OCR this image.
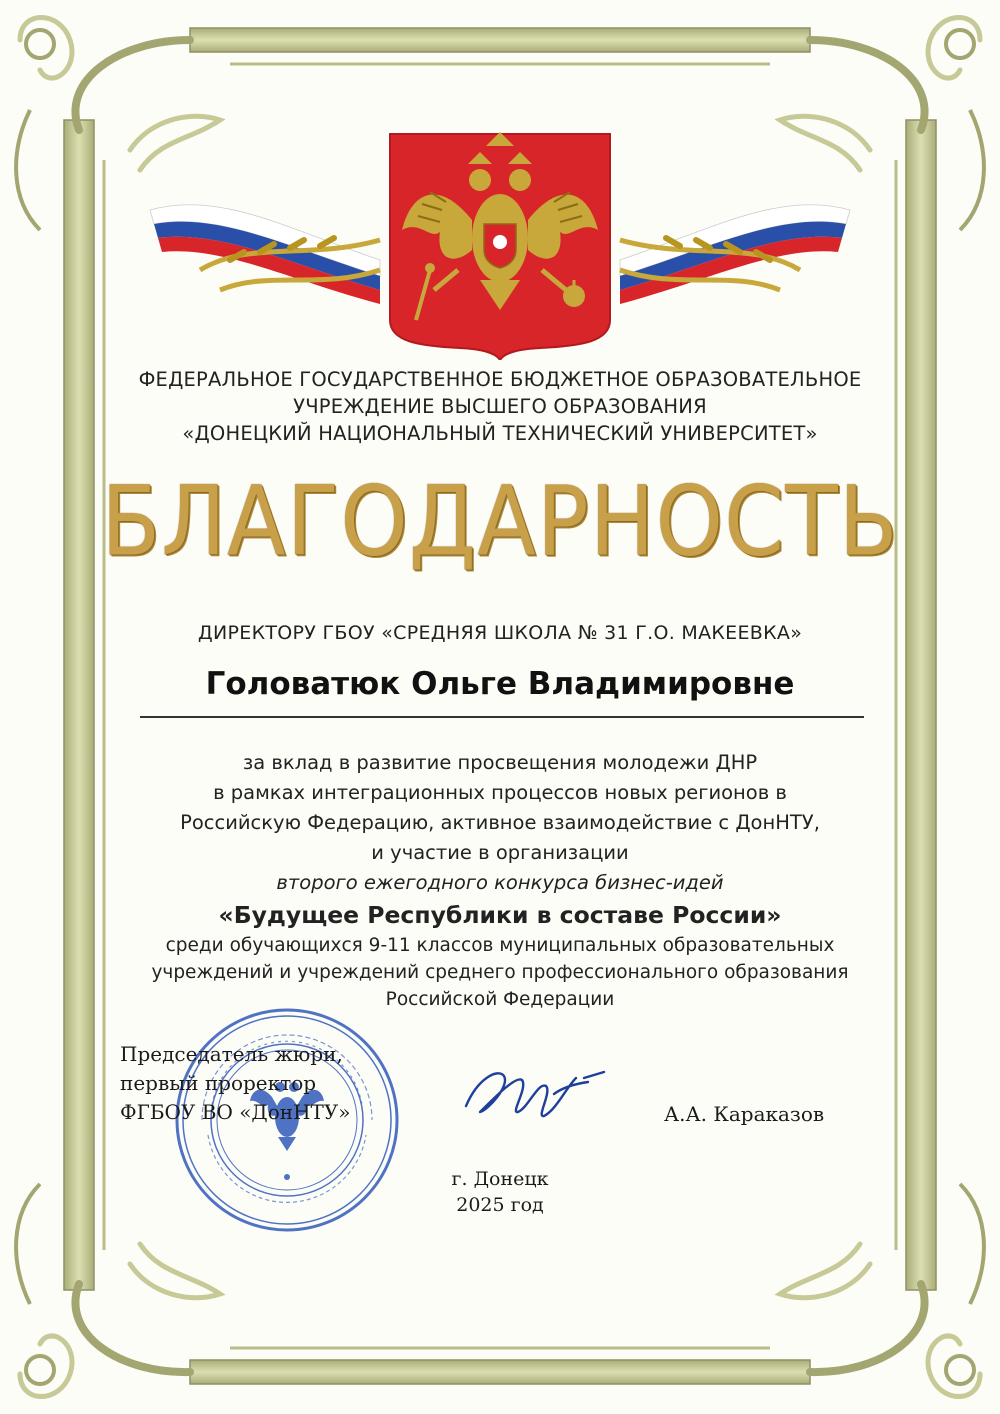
ФЕДЕРАЛЬНОЕ ГОСУДАРСТВЕННОЕ БЮДЖЕТНОЕ ОБРАЗОВАТЕЛЬНОЕ
УЧРЕЖДЕНИЕ ВЫСШЕГО ОБРАЗОВАНИЯ
«ДОНЕЦКИЙ НАЦИОНАЛЬНЫЙ ТЕХНИЧЕСКИЙ УНИВЕРСИТЕТ»
БЛАГОДАРНОСТЬ
ДИРЕКТОРУ ГБОУ «СРЕДНЯЯ ШКОЛА № 31 Г.О. МАКЕЕВКА»
Головатюк Ольге Владимировне
за вклад в развитие просвещения молодежи ДНР
в рамках интеграционных процессов новых регионов в
Российскую Федерацию, активное взаимодействие с ДонНТУ,
и участие в организации
второго ежегодного конкурса бизнес-идей
«Будущее Республики в составе России»
среди обучающихся 9-11 классов муниципальных образовательных
учреждений и учреждений среднего профессионального образования
Российской Федерации
Председатель жюри,
первый проректор
ФГБОУ ВО «ДонНТУ»	А.А. Караказов
г. Донецк
2025 год
